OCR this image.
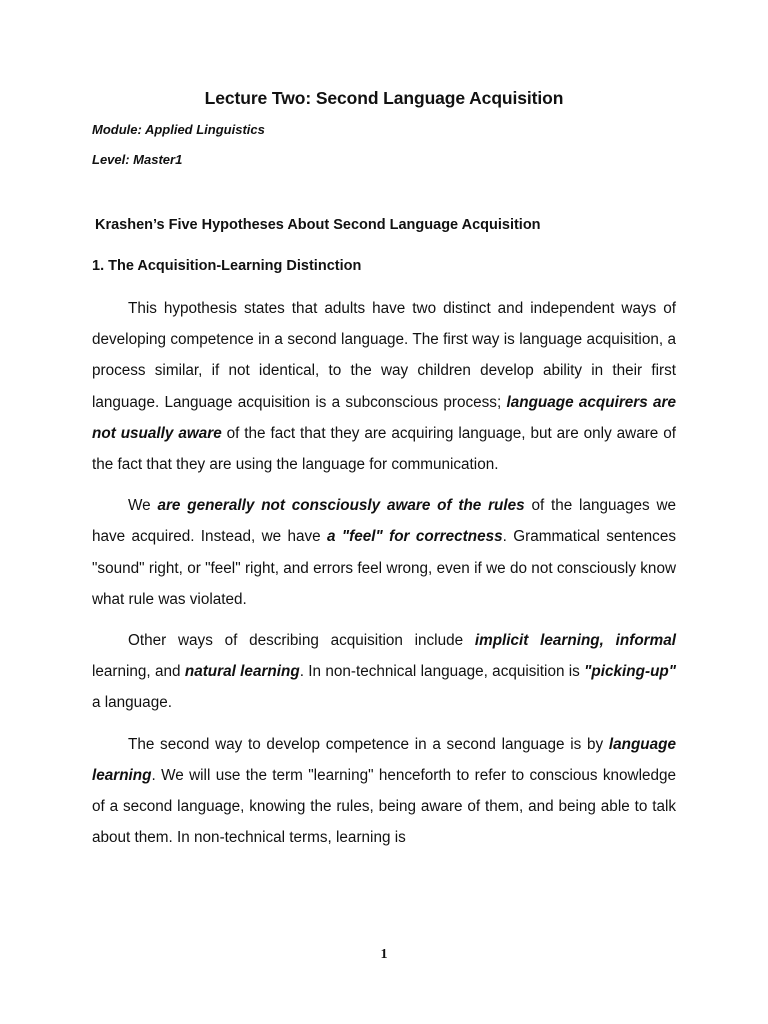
Lecture Two: Second Language Acquisition
Module: Applied Linguistics
Level: Master1
Krashen’s Five Hypotheses About Second Language Acquisition
1. The Acquisition-Learning Distinction

This hypothesis states that adults have two distinct and independent ways of developing competence in a second language. The first way is language acquisition, a process similar, if not identical, to the way children develop ability in their first language. Language acquisition is a subconscious process; language acquirers are not usually aware of the fact that they are acquiring language, but are only aware of the fact that they are using the language for communication.

We are generally not consciously aware of the rules of the languages we have acquired. Instead, we have a "feel" for correctness. Grammatical sentences "sound" right, or "feel" right, and errors feel wrong, even if we do not consciously know what rule was violated.

Other ways of describing acquisition include implicit learning, informal learning, and natural learning. In non-technical language, acquisition is "picking-up" a language.

The second way to develop competence in a second language is by language learning. We will use the term "learning" henceforth to refer to conscious knowledge of a second language, knowing the rules, being aware of them, and being able to talk about them. In non-technical terms, learning is

1
